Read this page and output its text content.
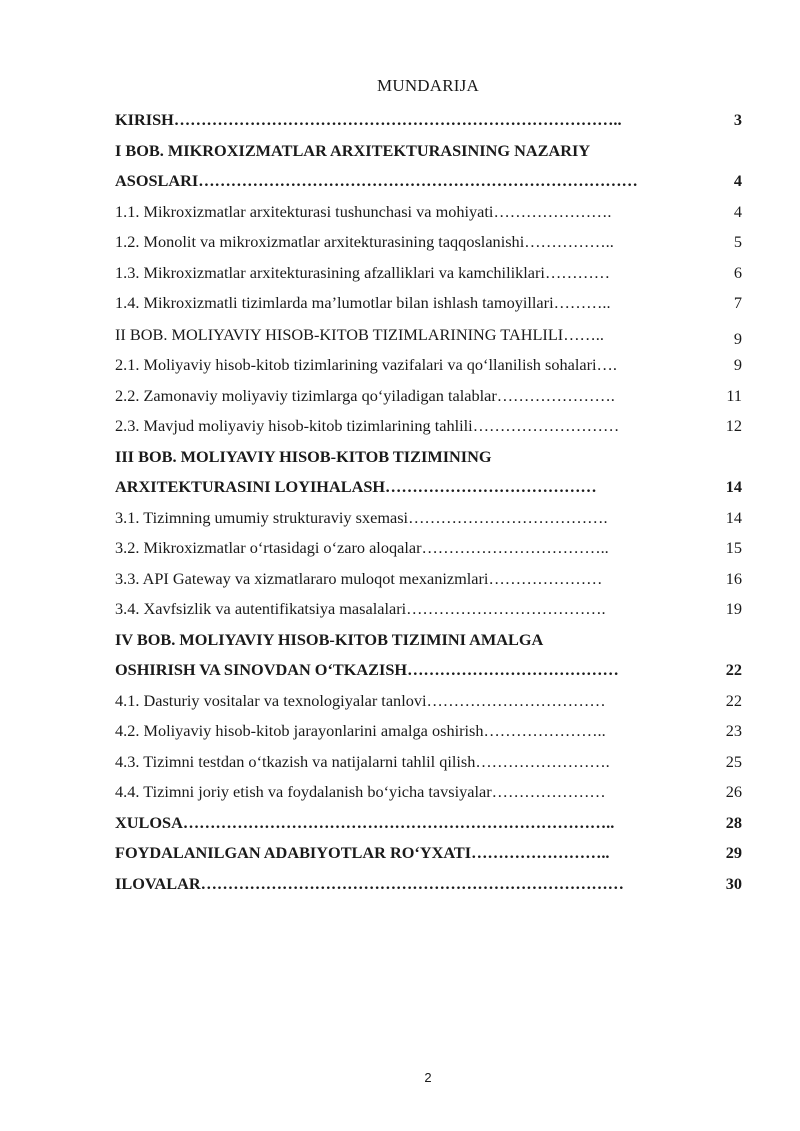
MUNDARIJA
KIRISH………………………………………………………………………..	3
I BOB. MIKROXIZMATLAR ARXITEKTURASINING NAZARIY
ASOSLARI………………………………………………………………………	4
1.1. Mikroxizmatlar arxitekturasi tushunchasi va mohiyati………………….	4
1.2. Monolit va mikroxizmatlar arxitekturasining taqqoslanishi……………..	5
1.3. Mikroxizmatlar arxitekturasining afzalliklari va kamchiliklari…………	6
1.4. Mikroxizmatli tizimlarda maʼlumotlar bilan ishlash tamoyillari………..	7
II BOB. MOLIYAVIY HISOB-KITOB TIZIMLARINING TAHLILI……..	9
2.1. Moliyaviy hisob-kitob tizimlarining vazifalari va qo‘llanilish sohalari….	9
2.2. Zamonaviy moliyaviy tizimlarga qo‘yiladigan talablar………………….	11
2.3. Mavjud moliyaviy hisob-kitob tizimlarining tahlili………………………	12
III BOB. MOLIYAVIY HISOB-KITOB TIZIMINING
ARXITEKTURASINI LOYIHALASH…………………………………	14
3.1. Tizimning umumiy strukturaviy sxemasi……………………………….	14
3.2. Mikroxizmatlar o‘rtasidagi o‘zaro aloqalar……………………………..	15
3.3. API Gateway va xizmatlararo muloqot mexanizmlari…………………	16
3.4. Xavfsizlik va autentifikatsiya masalalari……………………………….	19
IV BOB. MOLIYAVIY HISOB-KITOB TIZIMINI AMALGA
OSHIRISH VA SINOVDAN O‘TKAZISH…………………………………	22
4.1. Dasturiy vositalar va texnologiyalar tanlovi……………………………	22
4.2. Moliyaviy hisob-kitob jarayonlarini amalga oshirish…………………..	23
4.3. Tizimni testdan o‘tkazish va natijalarni tahlil qilish…………………….	25
4.4. Tizimni joriy etish va foydalanish bo‘yicha tavsiyalar…………………	26
XULOSA……………………………………………………………………..	28
FOYDALANILGAN ADABIYOTLAR RO‘YXATI……………………..	29
ILOVALAR……………………………………………………………………	30
2
